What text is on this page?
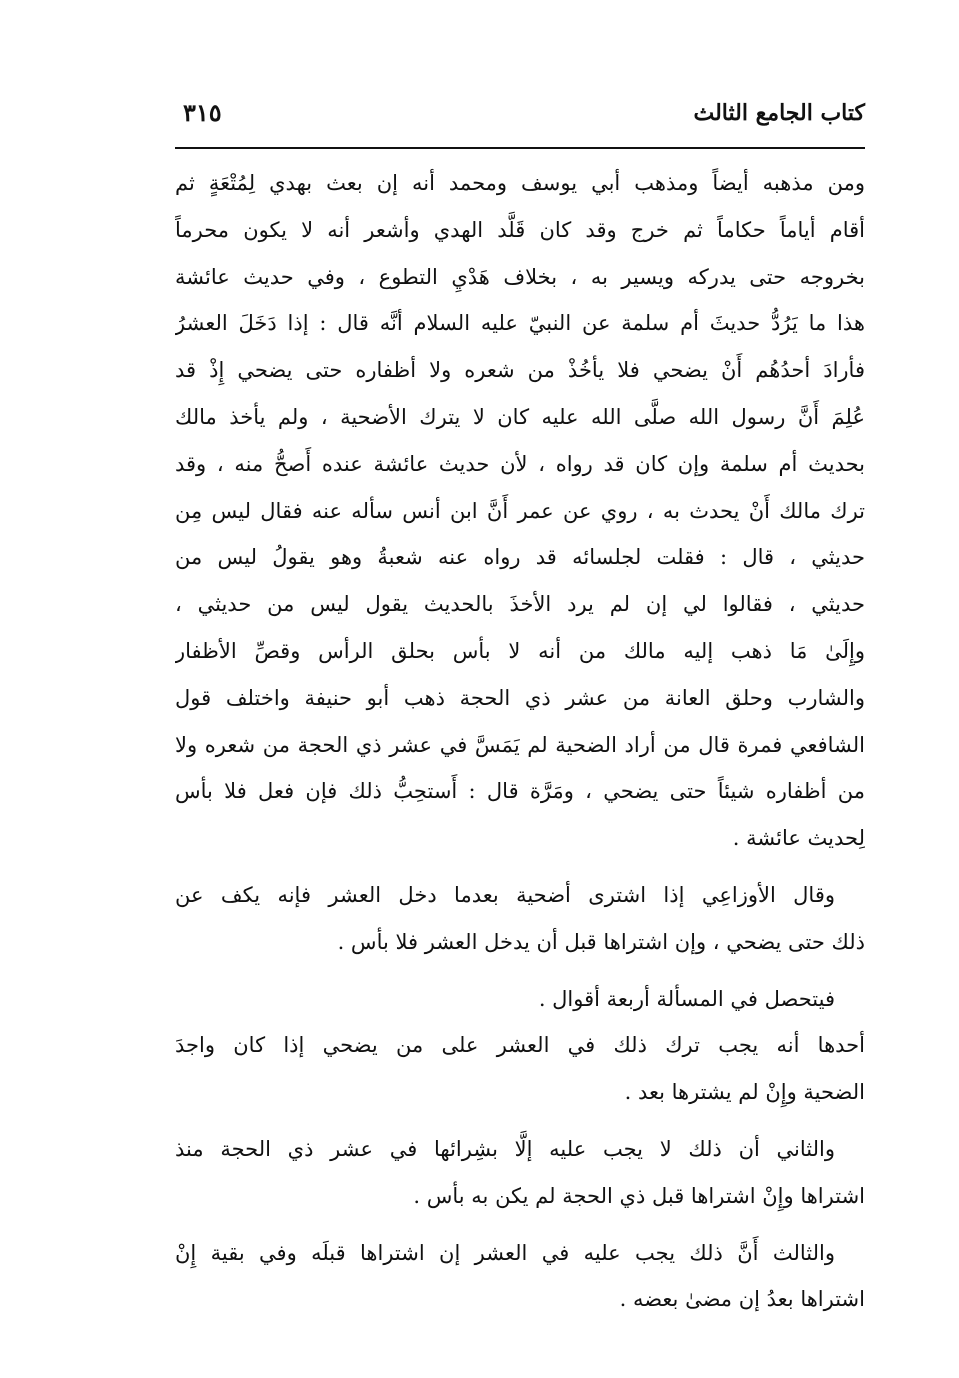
كتاب الجامع الثالث
٣١٥
ومن مذهبه أيضاً ومذهب أبي يوسف ومحمد أنه إن بعث بهدي لِمُتْعَةٍ ثم
أقام أياماً حكاماً ثم خرج وقد كان قَلَّد الهدي وأشعر أنه لا يكون محرماً
بخروجه حتى يدركه ويسير به ، بخلاف هَدْيِ التطوع ، وفي حديث عائشة
هذا ما يَرُدُّ حديثَ أم سلمة عن النبيّ عليه السلام أنَّه قال : إذا دَخَلَ العشرُ
فأرادَ أحدُهُم أَنْ يضحي فلا يأخُذْ من شعره ولا أظفاره حتى يضحي إِذْ قد
عُلِمَ أَنَّ رسول الله صلَّى الله عليه كان لا يترك الأضحية ، ولم يأخذ مالك
بحديث أم سلمة وإن كان قد رواه ، لأن حديث عائشة عنده أَصحُّ منه ، وقد
ترك مالك أَنْ يحدث به ، روي عن عمر أَنَّ ابن أنس سأله عنه فقال ليس مِن
حديثي ، قال : فقلت لجلسائه قد رواه عنه شعبةُ وهو يقولُ ليس من
حديثي ، فقالوا لي إن لم يرد الأخذَ بالحديث يقول ليس من حديثي ،
وإِلَىٰ مَا ذهب إليه مالك من أنه لا بأس بحلق الرأس وقصِّ الأظفار
والشارب وحلق العانة من عشر ذي الحجة ذهب أبو حنيفة واختلف قول
الشافعي فمرة قال من أراد الضحية لم يَمَسَّ في عشر ذي الحجة من شعره ولا
من أظفاره شيئاً حتى يضحي ، ومَرَّة قال : أَستحِبُّ ذلك فإن فعل فلا بأس
لِحديث عائشة .
وقال الأوزاعِي إذا اشترى أضحية بعدما دخل العشر فإنه يكف عن
ذلك حتى يضحي ، وإن اشتراها قبل أن يدخل العشر فلا بأس .
فيتحصل في المسألة أربعة أقوال .
أحدها أنه يجب ترك ذلك في العشر على من يضحي إذا كان واجدَ
الضحية وإِنْ لم يشترها بعد .
والثاني أن ذلك لا يجب عليه إلَّا بشِرائها في عشر ذي الحجة منذ
اشتراها وإِنْ اشتراها قبل ذي الحجة لم يكن به بأس .
والثالث أَنَّ ذلك يجب عليه في العشر إن اشتراها قبلَه وفي بقية إِنْ
اشتراها بعدُ إن مضىٰ بعضه .
